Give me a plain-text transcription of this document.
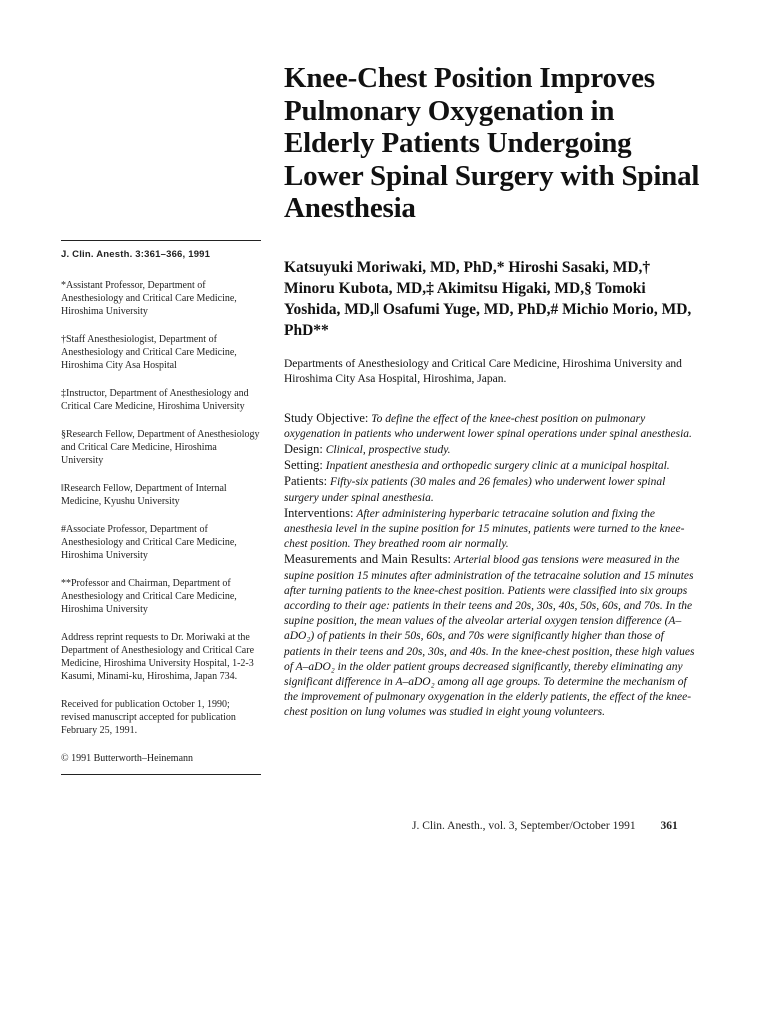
J. Clin. Anesth. 3:361–366, 1991

*Assistant Professor, Department of Anesthesiology and Critical Care Medicine, Hiroshima University

†Staff Anesthesiologist, Department of Anesthesiology and Critical Care Medicine, Hiroshima City Asa Hospital

‡Instructor, Department of Anesthesiology and Critical Care Medicine, Hiroshima University

§Research Fellow, Department of Anesthesiology and Critical Care Medicine, Hiroshima University

‖Research Fellow, Department of Internal Medicine, Kyushu University

#Associate Professor, Department of Anesthesiology and Critical Care Medicine, Hiroshima University

**Professor and Chairman, Department of Anesthesiology and Critical Care Medicine, Hiroshima University

Address reprint requests to Dr. Moriwaki at the Department of Anesthesiology and Critical Care Medicine, Hiroshima University Hospital, 1-2-3 Kasumi, Minami-ku, Hiroshima, Japan 734.

Received for publication October 1, 1990; revised manuscript accepted for publication February 25, 1991.

© 1991 Butterworth–Heinemann
Knee-Chest Position Improves Pulmonary Oxygenation in Elderly Patients Undergoing Lower Spinal Surgery with Spinal Anesthesia
Katsuyuki Moriwaki, MD, PhD,* Hiroshi Sasaki, MD,† Minoru Kubota, MD,‡ Akimitsu Higaki, MD,§ Tomoki Yoshida, MD,‖ Osafumi Yuge, MD, PhD,# Michio Morio, MD, PhD**
Departments of Anesthesiology and Critical Care Medicine, Hiroshima University and Hiroshima City Asa Hospital, Hiroshima, Japan.

Study Objective: To define the effect of the knee-chest position on pulmonary oxygenation in patients who underwent lower spinal operations under spinal anesthesia.

Design: Clinical, prospective study.

Setting: Inpatient anesthesia and orthopedic surgery clinic at a municipal hospital.

Patients: Fifty-six patients (30 males and 26 females) who underwent lower spinal surgery under spinal anesthesia.

Interventions: After administering hyperbaric tetracaine solution and fixing the anesthesia level in the supine position for 15 minutes, patients were turned to the knee-chest position. They breathed room air normally.

Measurements and Main Results: Arterial blood gas tensions were measured in the supine position 15 minutes after administration of the tetracaine solution and 15 minutes after turning patients to the knee-chest position. Patients were classified into six groups according to their age: patients in their teens and 20s, 30s, 40s, 50s, 60s, and 70s. In the supine position, the mean values of the alveolar arterial oxygen tension difference (A–aDO₂) of patients in their 50s, 60s, and 70s were significantly higher than those of patients in their teens and 20s, 30s, and 40s. In the knee-chest position, these high values of A–aDO₂ in the older patient groups decreased significantly, thereby eliminating any significant difference in A–aDO₂ among all age groups. To determine the mechanism of the improvement of pulmonary oxygenation in the elderly patients, the effect of the knee-chest position on lung volumes was studied in eight young volunteers.

J. Clin. Anesth., vol. 3, September/October 1991 361
